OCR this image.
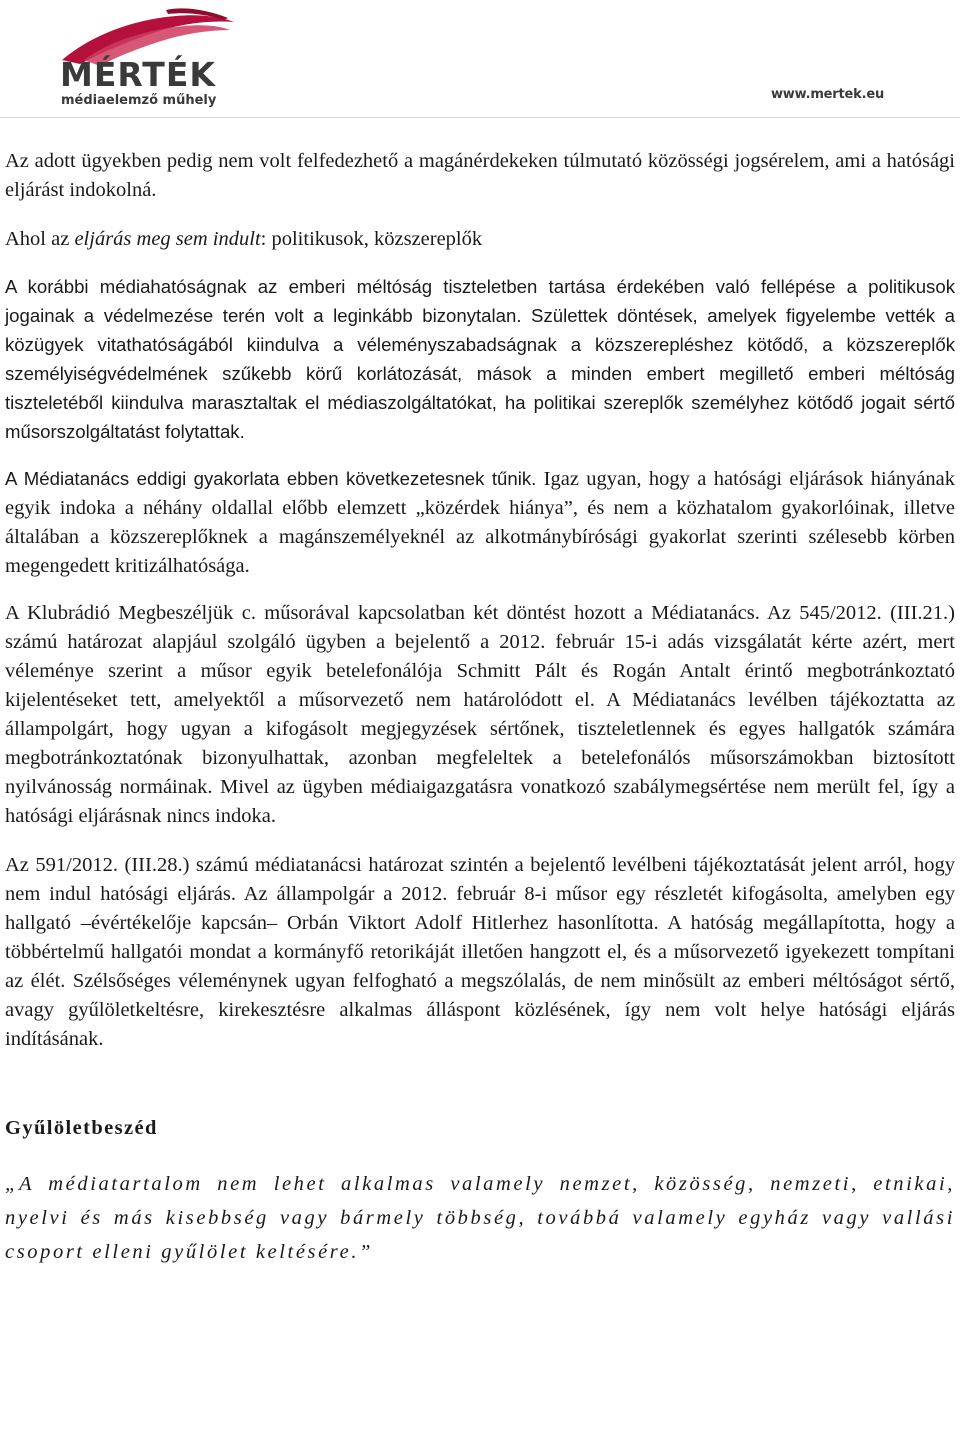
MÉRTÉK
médiaelemző műhely	www.mertek.eu

Az adott ügyekben pedig nem volt felfedezhető a magánérdekeken túlmutató közösségi jogsérelem, ami a hatósági eljárást indokolná.

Ahol az eljárás meg sem indult: politikusok, közszereplők

A korábbi médiahatóságnak az emberi méltóság tiszteletben tartása érdekében való fellépése a politikusok jogainak a védelmezése terén volt a leginkább bizonytalan. Születtek döntések, amelyek figyelembe vették a közügyek vitathatóságából kiindulva a véleményszabadságnak a közszerepléshez kötődő, a közszereplők személyiségvédelmének szűkebb körű korlátozását, mások a minden embert megillető emberi méltóság tiszteletéből kiindulva marasztaltak el médiaszolgáltatókat, ha politikai szereplők személyhez kötődő jogait sértő műsorszolgáltatást folytattak.

A Médiatanács eddigi gyakorlata ebben következetesnek tűnik. Igaz ugyan, hogy a hatósági eljárások hiányának egyik indoka a néhány oldallal előbb elemzett „közérdek hiánya”, és nem a közhatalom gyakorlóinak, illetve általában a közszereplőknek a magánszemélyeknél az alkotmánybírósági gyakorlat szerinti szélesebb körben megengedett kritizálhatósága.

A Klubrádió Megbeszéljük c. műsorával kapcsolatban két döntést hozott a Médiatanács. Az 545/2012. (III.21.) számú határozat alapjául szolgáló ügyben a bejelentő a 2012. február 15-i adás vizsgálatát kérte azért, mert véleménye szerint a műsor egyik betelefonálója Schmitt Pált és Rogán Antalt érintő megbotránkoztató kijelentéseket tett, amelyektől a műsorvezető nem határolódott el. A Médiatanács levélben tájékoztatta az állampolgárt, hogy ugyan a kifogásolt megjegyzések sértőnek, tiszteletlennek és egyes hallgatók számára megbotránkoztatónak bizonyulhattak, azonban megfeleltek a betelefonálós műsorszámokban biztosított nyilvánosság normáinak. Mivel az ügyben médiaigazgatásra vonatkozó szabálymegsértése nem merült fel, így a hatósági eljárásnak nincs indoka.

Az 591/2012. (III.28.) számú médiatanácsi határozat szintén a bejelentő levélbeni tájékoztatását jelent arról, hogy nem indul hatósági eljárás. Az állampolgár a 2012. február 8-i műsor egy részletét kifogásolta, amelyben egy hallgató –évértékelője kapcsán– Orbán Viktort Adolf Hitlerhez hasonlította. A hatóság megállapította, hogy a többértelmű hallgatói mondat a kormányfő retorikáját illetően hangzott el, és a műsorvezető igyekezett tompítani az élét. Szélsőséges véleménynek ugyan felfogható a megszólalás, de nem minősült az emberi méltóságot sértő, avagy gyűlöletkeltésre, kirekesztésre alkalmas álláspont közlésének, így nem volt helye hatósági eljárás indításának.

Gyűlöletbeszéd

„A médiatartalom nem lehet alkalmas valamely nemzet, közösség, nemzeti, etnikai, nyelvi és más kisebbség vagy bármely többség, továbbá valamely egyház vagy vallási csoport elleni gyűlölet keltésére.”
